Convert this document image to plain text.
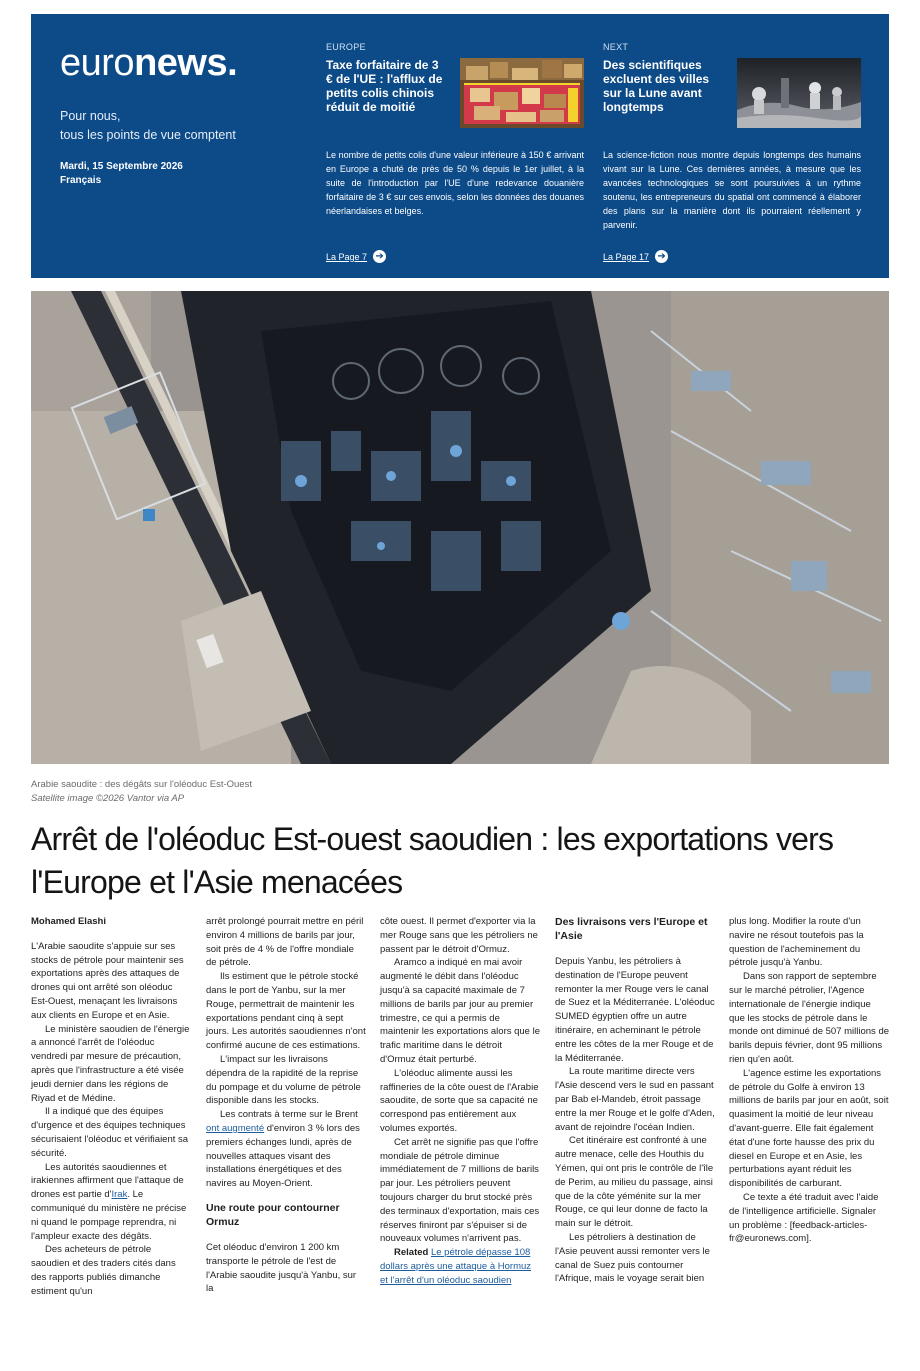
euronews.
Pour nous,
tous les points de vue comptent
Mardi, 15 Septembre 2026
Français
EUROPE
Taxe forfaitaire de 3 € de l'UE : l'afflux de petits colis chinois réduit de moitié
Le nombre de petits colis d'une valeur inférieure à 150 € arrivant en Europe a chuté de près de 50 % depuis le 1er juillet, à la suite de l'introduction par l'UE d'une redevance douanière forfaitaire de 3 € sur ces envois, selon les données des douanes néerlandaises et belges.
La Page 7 ➔
NEXT
Des scientifiques excluent des villes sur la Lune avant longtemps
La science-fiction nous montre depuis longtemps des humains vivant sur la Lune. Ces dernières années, à mesure que les avancées technologiques se sont poursuivies à un rythme soutenu, les entrepreneurs du spatial ont commencé à élaborer des plans sur la manière dont ils pourraient réellement y parvenir.
La Page 17 ➔
Arabie saoudite : des dégâts sur l'oléoduc Est-Ouest
Satellite image ©2026 Vantor via AP
Arrêt de l'oléoduc Est-ouest saoudien : les exportations vers l'Europe et l'Asie menacées
Mohamed Elashi

L'Arabie saoudite s'appuie sur ses stocks de pétrole pour maintenir ses exportations après des attaques de drones qui ont arrêté son oléoduc Est-Ouest, menaçant les livraisons aux clients en Europe et en Asie.

Le ministère saoudien de l'énergie a annoncé l'arrêt de l'oléoduc vendredi par mesure de précaution, après que l'infrastructure a été visée jeudi dernier dans les régions de Riyad et de Médine.

Il a indiqué que des équipes d'urgence et des équipes techniques sécurisaient l'oléoduc et vérifiaient sa sécurité.

Les autorités saoudiennes et irakiennes affirment que l'attaque de drones est partie d'Irak. Le communiqué du ministère ne précise ni quand le pompage reprendra, ni l'ampleur exacte des dégâts.

Des acheteurs de pétrole saoudien et des traders cités dans des rapports publiés dimanche estiment qu'un

arrêt prolongé pourrait mettre en péril environ 4 millions de barils par jour, soit près de 4 % de l'offre mondiale de pétrole.

Ils estiment que le pétrole stocké dans le port de Yanbu, sur la mer Rouge, permettrait de maintenir les exportations pendant cinq à sept jours. Les autorités saoudiennes n'ont confirmé aucune de ces estimations.

L'impact sur les livraisons dépendra de la rapidité de la reprise du pompage et du volume de pétrole disponible dans les stocks.

Les contrats à terme sur le Brent ont augmenté d'environ 3 % lors des premiers échanges lundi, après de nouvelles attaques visant des installations énergétiques et des navires au Moyen-Orient.

Une route pour contourner Ormuz

Cet oléoduc d'environ 1 200 km transporte le pétrole de l'est de l'Arabie saoudite jusqu'à Yanbu, sur la

côte ouest. Il permet d'exporter via la mer Rouge sans que les pétroliers ne passent par le détroit d'Ormuz.

Aramco a indiqué en mai avoir augmenté le débit dans l'oléoduc jusqu'à sa capacité maximale de 7 millions de barils par jour au premier trimestre, ce qui a permis de maintenir les exportations alors que le trafic maritime dans le détroit d'Ormuz était perturbé.

L'oléoduc alimente aussi les raffineries de la côte ouest de l'Arabie saoudite, de sorte que sa capacité ne correspond pas entièrement aux volumes exportés.

Cet arrêt ne signifie pas que l'offre mondiale de pétrole diminue immédiatement de 7 millions de barils par jour. Les pétroliers peuvent toujours charger du brut stocké près des terminaux d'exportation, mais ces réserves finiront par s'épuiser si de nouveaux volumes n'arrivent pas.

Related Le pétrole dépasse 108 dollars après une attaque à Hormuz et l'arrêt d'un oléoduc saoudien

Des livraisons vers l'Europe et l'Asie

Depuis Yanbu, les pétroliers à destination de l'Europe peuvent remonter la mer Rouge vers le canal de Suez et la Méditerranée. L'oléoduc SUMED égyptien offre un autre itinéraire, en acheminant le pétrole entre les côtes de la mer Rouge et de la Méditerranée.

La route maritime directe vers l'Asie descend vers le sud en passant par Bab el-Mandeb, étroit passage entre la mer Rouge et le golfe d'Aden, avant de rejoindre l'océan Indien.

Cet itinéraire est confronté à une autre menace, celle des Houthis du Yémen, qui ont pris le contrôle de l'île de Perim, au milieu du passage, ainsi que de la côte yéménite sur la mer Rouge, ce qui leur donne de facto la main sur le détroit.

Les pétroliers à destination de l'Asie peuvent aussi remonter vers le canal de Suez puis contourner l'Afrique, mais le voyage serait bien

plus long. Modifier la route d'un navire ne résout toutefois pas la question de l'acheminement du pétrole jusqu'à Yanbu.

Dans son rapport de septembre sur le marché pétrolier, l'Agence internationale de l'énergie indique que les stocks de pétrole dans le monde ont diminué de 507 millions de barils depuis février, dont 95 millions rien qu'en août.

L'agence estime les exportations de pétrole du Golfe à environ 13 millions de barils par jour en août, soit quasiment la moitié de leur niveau d'avant-guerre. Elle fait également état d'une forte hausse des prix du diesel en Europe et en Asie, les perturbations ayant réduit les disponibilités de carburant.

Ce texte a été traduit avec l'aide de l'intelligence artificielle. Signaler un problème : [feedback-articles-fr@euronews.com].
